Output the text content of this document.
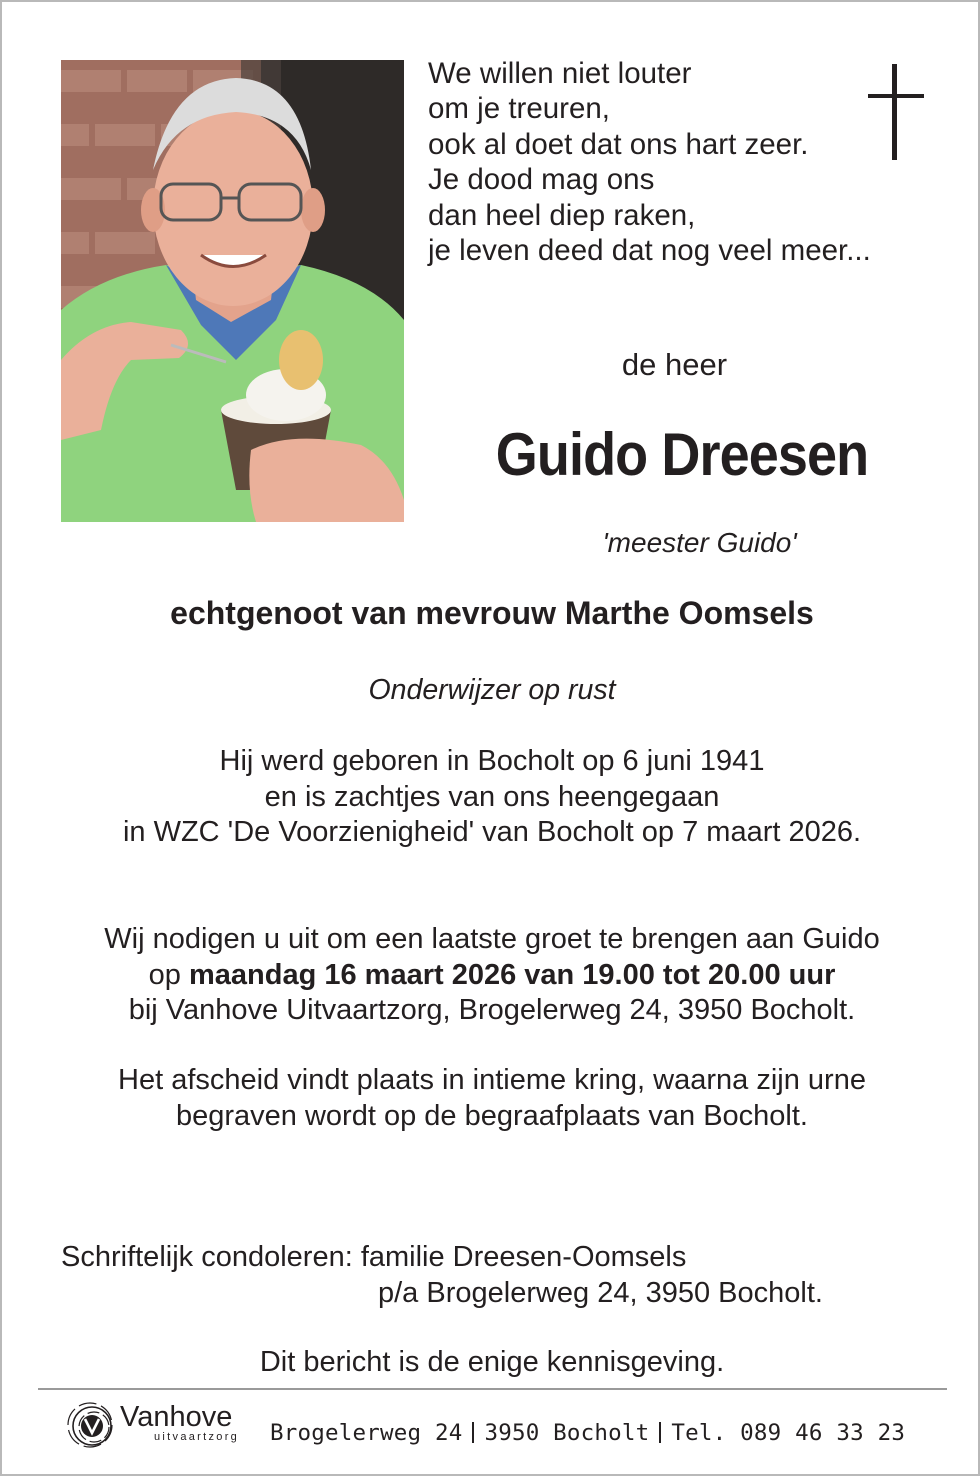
We willen niet louter
om je treuren,
ook al doet dat ons hart zeer.
Je dood mag ons
dan heel diep raken,
je leven deed dat nog veel meer...
de heer
Guido Dreesen
'meester Guido'
echtgenoot van mevrouw Marthe Oomsels
Onderwijzer op rust
Hij werd geboren in Bocholt op 6 juni 1941
en is zachtjes van ons heengegaan
in WZC 'De Voorzienigheid' van Bocholt op 7 maart 2026.
Wij nodigen u uit om een laatste groet te brengen aan Guido
op maandag 16 maart 2026 van 19.00 tot 20.00 uur
bij Vanhove Uitvaartzorg, Brogelerweg 24, 3950 Bocholt.
Het afscheid vindt plaats in intieme kring, waarna zijn urne
begraven wordt op de begraafplaats van Bocholt.
Schriftelijk condoleren: familie Dreesen-Oomsels
p/a Brogelerweg 24, 3950 Bocholt.
Dit bericht is de enige kennisgeving.
Vanhove
uitvaartzorg Brogelerweg 24 3950 Bocholt Tel. 089 46 33 23
